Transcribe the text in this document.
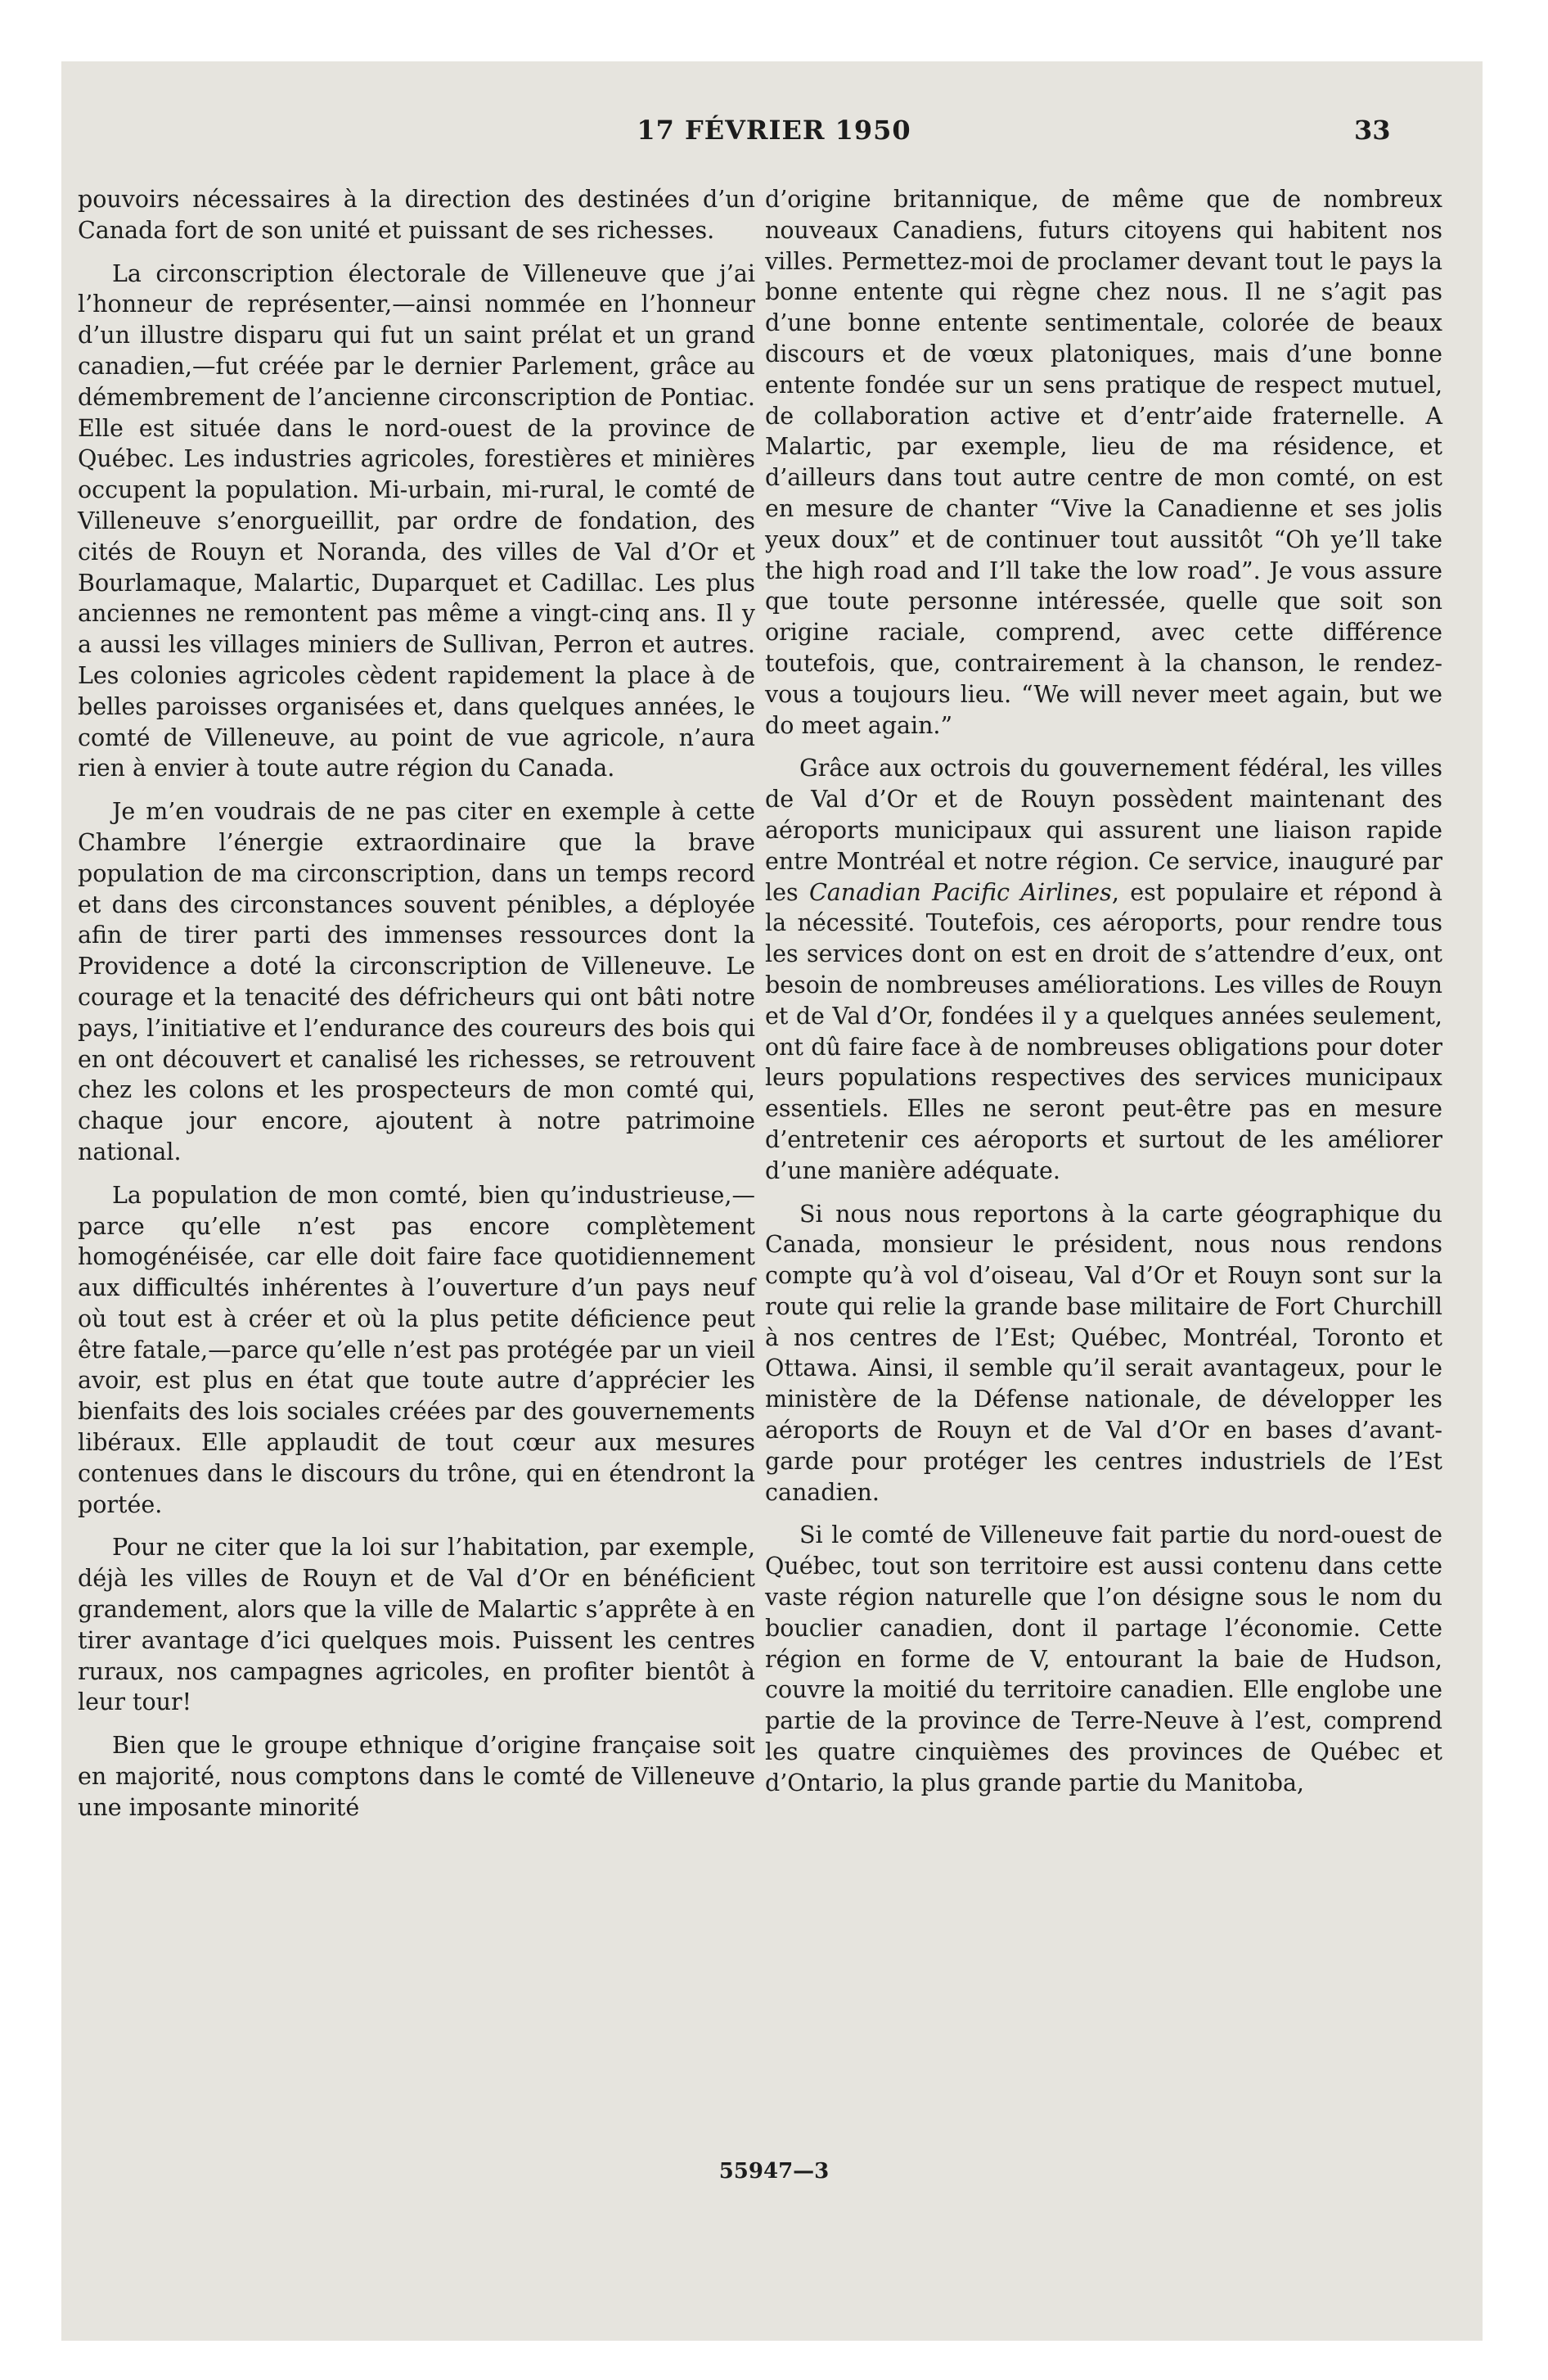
17 FÉVRIER 1950	33

pouvoirs nécessaires à la direction des destinées d’un Canada fort de son unité et puissant de ses richesses.

La circonscription électorale de Villeneuve que j’ai l’honneur de représenter,—ainsi nommée en l’honneur d’un illustre disparu qui fut un saint prélat et un grand canadien,—fut créée par le dernier Parlement, grâce au démembrement de l’ancienne circonscription de Pontiac. Elle est située dans le nord-ouest de la province de Québec. Les industries agricoles, forestières et minières occupent la population. Mi-urbain, mi-rural, le comté de Villeneuve s’enorgueillit, par ordre de fondation, des cités de Rouyn et Noranda, des villes de Val d’Or et Bourlamaque, Malartic, Duparquet et Cadillac. Les plus anciennes ne remontent pas même a vingt-cinq ans. Il y a aussi les villages miniers de Sullivan, Perron et autres. Les colonies agricoles cèdent rapidement la place à de belles paroisses organisées et, dans quelques années, le comté de Villeneuve, au point de vue agricole, n’aura rien à envier à toute autre région du Canada.

Je m’en voudrais de ne pas citer en exemple à cette Chambre l’énergie extraordinaire que la brave population de ma circonscription, dans un temps record et dans des circonstances souvent pénibles, a déployée afin de tirer parti des immenses ressources dont la Providence a doté la circonscription de Villeneuve. Le courage et la tenacité des défricheurs qui ont bâti notre pays, l’initiative et l’endurance des coureurs des bois qui en ont découvert et canalisé les richesses, se retrouvent chez les colons et les prospecteurs de mon comté qui, chaque jour encore, ajoutent à notre patrimoine national.

La population de mon comté, bien qu’industrieuse,—parce qu’elle n’est pas encore complètement homogénéisée, car elle doit faire face quotidiennement aux difficultés inhérentes à l’ouverture d’un pays neuf où tout est à créer et où la plus petite déficience peut être fatale,—parce qu’elle n’est pas protégée par un vieil avoir, est plus en état que toute autre d’apprécier les bienfaits des lois sociales créées par des gouvernements libéraux. Elle applaudit de tout cœur aux mesures contenues dans le discours du trône, qui en étendront la portée.

Pour ne citer que la loi sur l’habitation, par exemple, déjà les villes de Rouyn et de Val d’Or en bénéficient grandement, alors que la ville de Malartic s’apprête à en tirer avantage d’ici quelques mois. Puissent les centres ruraux, nos campagnes agricoles, en profiter bientôt à leur tour!

Bien que le groupe ethnique d’origine française soit en majorité, nous comptons dans le comté de Villeneuve une imposante minorité

d’origine britannique, de même que de nombreux nouveaux Canadiens, futurs citoyens qui habitent nos villes. Permettez-moi de proclamer devant tout le pays la bonne entente qui règne chez nous. Il ne s’agit pas d’une bonne entente sentimentale, colorée de beaux discours et de vœux platoniques, mais d’une bonne entente fondée sur un sens pratique de respect mutuel, de collaboration active et d’entr’aide fraternelle. A Malartic, par exemple, lieu de ma résidence, et d’ailleurs dans tout autre centre de mon comté, on est en mesure de chanter “Vive la Canadienne et ses jolis yeux doux” et de continuer tout aussitôt “Oh ye’ll take the high road and I’ll take the low road”. Je vous assure que toute personne intéressée, quelle que soit son origine raciale, comprend, avec cette différence toutefois, que, contrairement à la chanson, le rendez-vous a toujours lieu. “We will never meet again, but we do meet again.”

Grâce aux octrois du gouvernement fédéral, les villes de Val d’Or et de Rouyn possèdent maintenant des aéroports municipaux qui assurent une liaison rapide entre Montréal et notre région. Ce service, inauguré par les Canadian Pacific Airlines, est populaire et répond à la nécessité. Toutefois, ces aéroports, pour rendre tous les services dont on est en droit de s’attendre d’eux, ont besoin de nombreuses améliorations. Les villes de Rouyn et de Val d’Or, fondées il y a quelques années seulement, ont dû faire face à de nombreuses obligations pour doter leurs populations respectives des services municipaux essentiels. Elles ne seront peut-être pas en mesure d’entretenir ces aéroports et surtout de les améliorer d’une manière adéquate.

Si nous nous reportons à la carte géographique du Canada, monsieur le président, nous nous rendons compte qu’à vol d’oiseau, Val d’Or et Rouyn sont sur la route qui relie la grande base militaire de Fort Churchill à nos centres de l’Est; Québec, Montréal, Toronto et Ottawa. Ainsi, il semble qu’il serait avantageux, pour le ministère de la Défense nationale, de développer les aéroports de Rouyn et de Val d’Or en bases d’avant-garde pour protéger les centres industriels de l’Est canadien.

Si le comté de Villeneuve fait partie du nord-ouest de Québec, tout son territoire est aussi contenu dans cette vaste région naturelle que l’on désigne sous le nom du bouclier canadien, dont il partage l’économie. Cette région en forme de V, entourant la baie de Hudson, couvre la moitié du territoire canadien. Elle englobe une partie de la province de Terre-Neuve à l’est, comprend les quatre cinquièmes des provinces de Québec et d’Ontario, la plus grande partie du Manitoba,

55947—3
